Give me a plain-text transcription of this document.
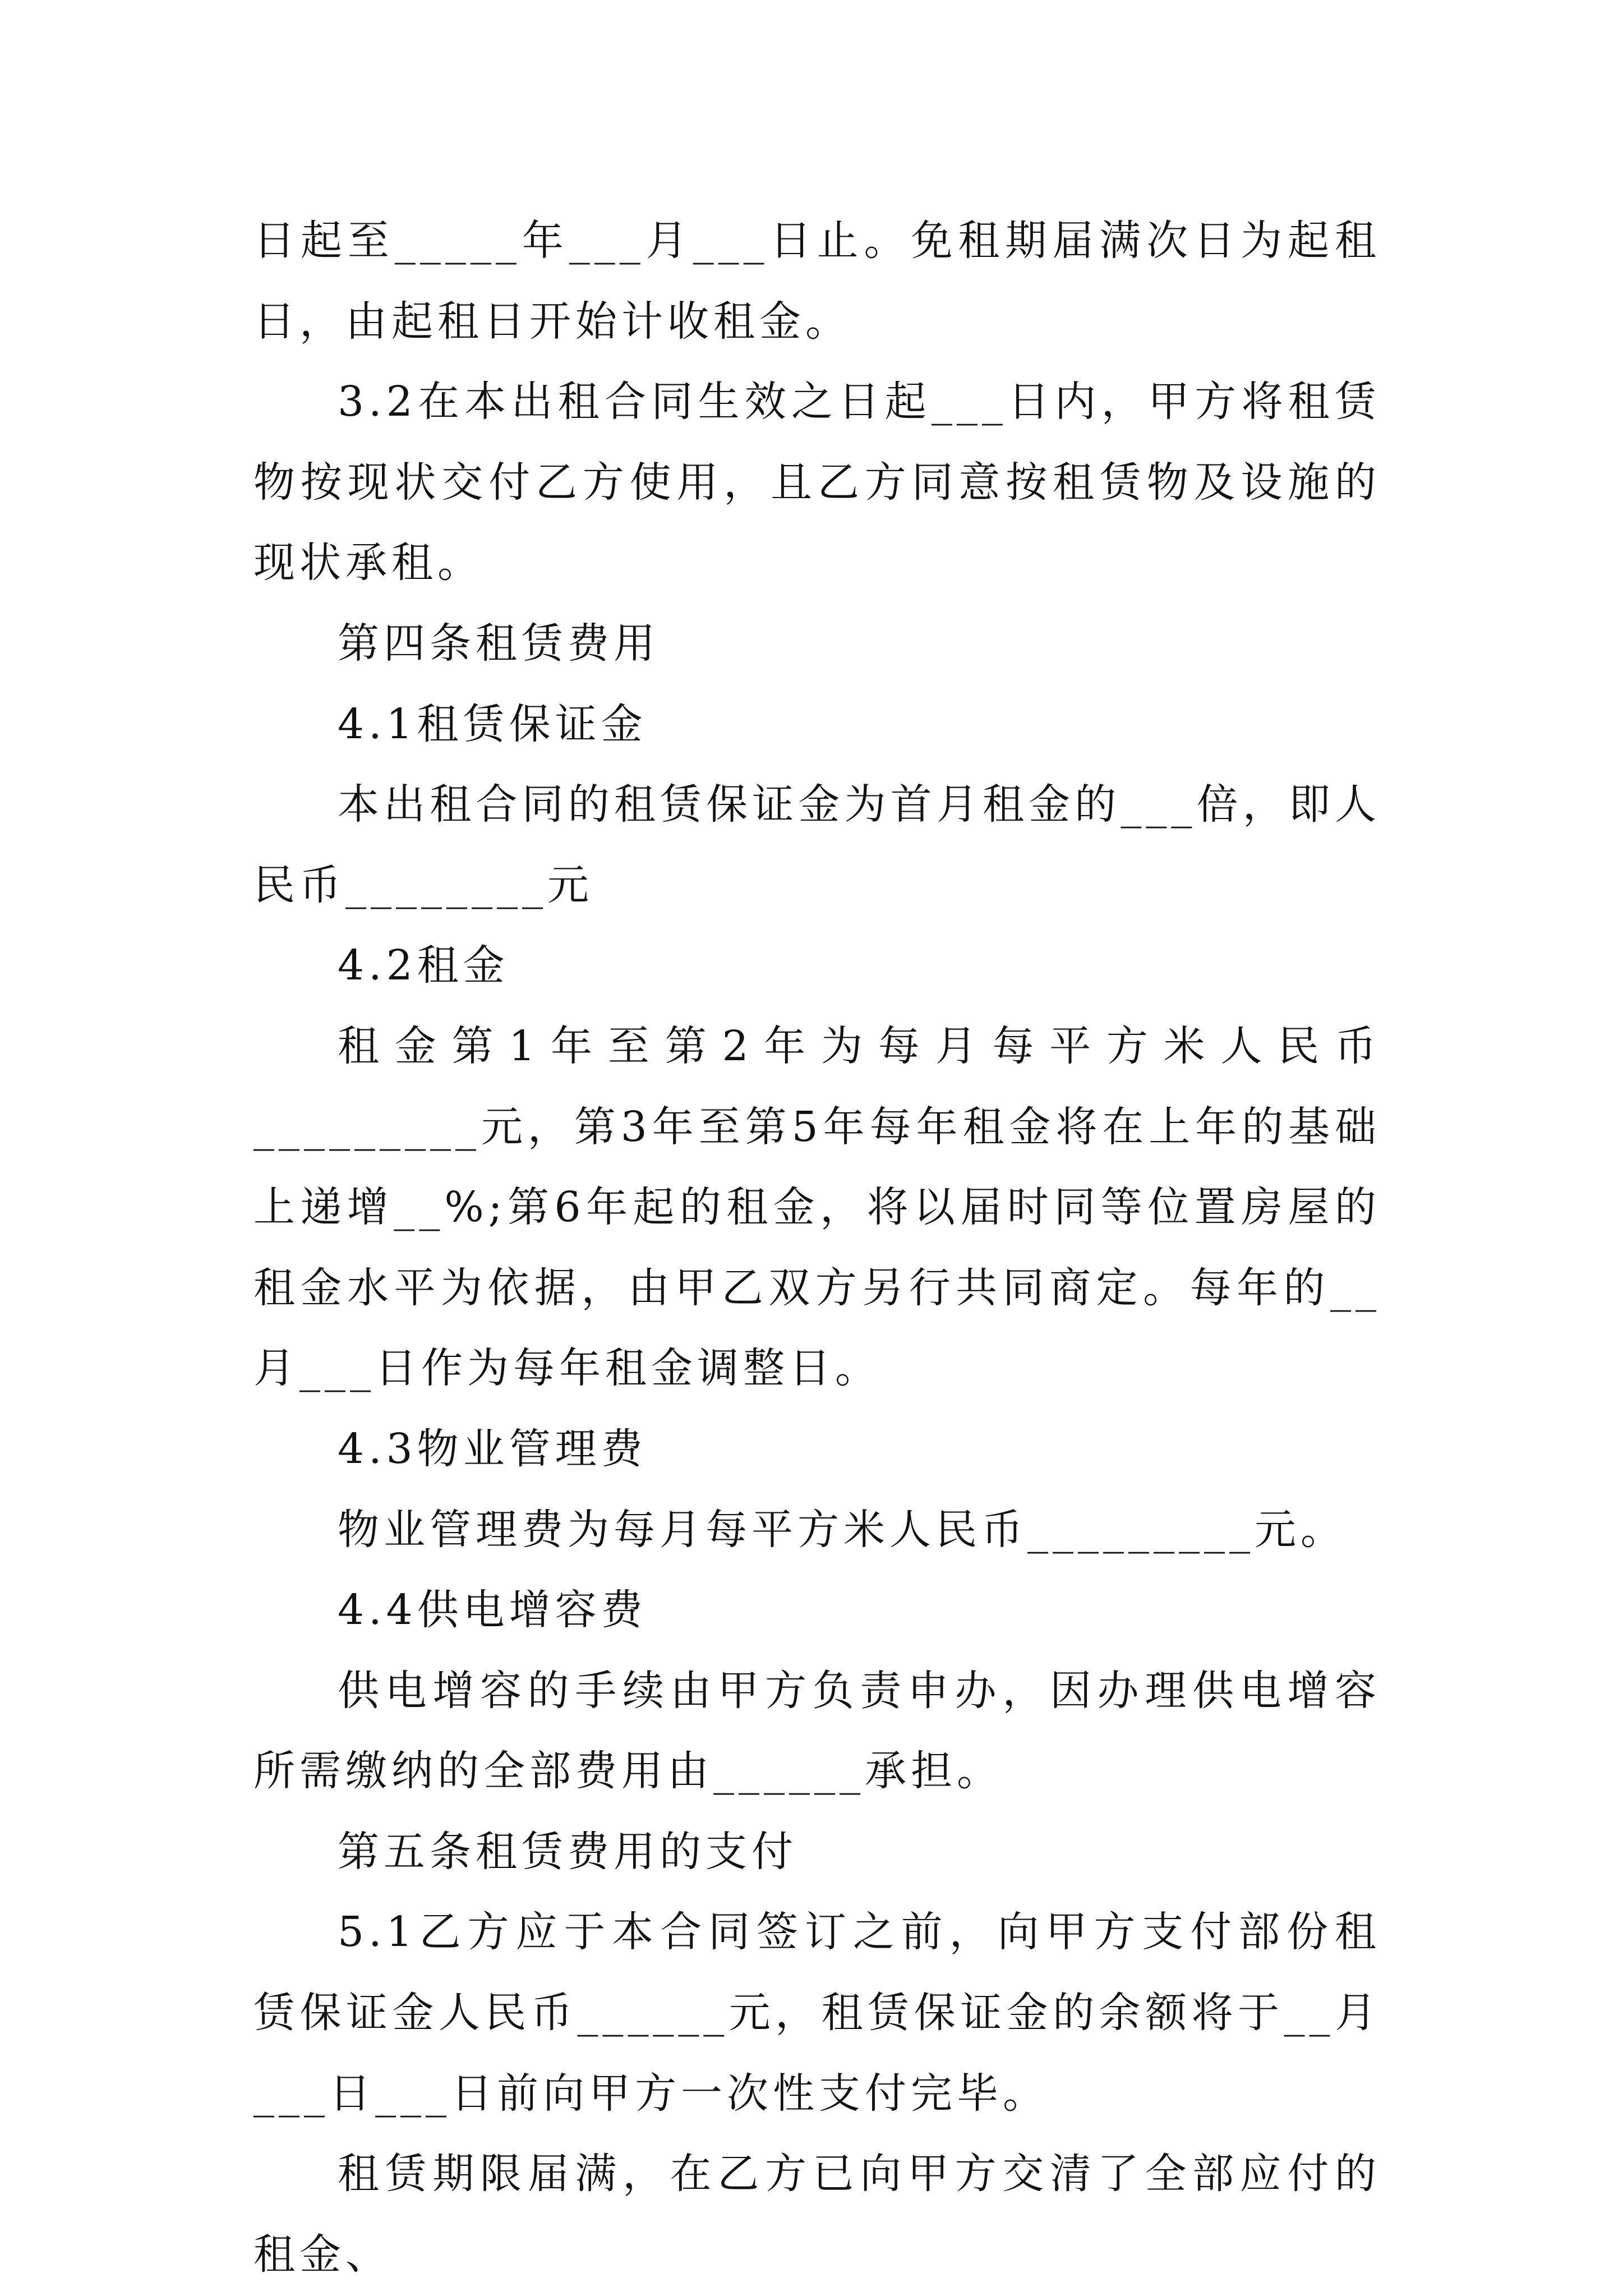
日起至_____年___月___日止。免租期届满次日为起租日，由起租日开始计收租金。

3.2在本出租合同生效之日起___日内，甲方将租赁物按现状交付乙方使用，且乙方同意按租赁物及设施的现状承租。

第四条租赁费用

4.1租赁保证金

本出租合同的租赁保证金为首月租金的___倍，即人民币________元

4.2租金

租金第1年至第2年为每月每平方米人民币_________元，第3年至第5年每年租金将在上年的基础上递增__%;第6年起的租金，将以届时同等位置房屋的租金水平为依据，由甲乙双方另行共同商定。每年的__月___日作为每年租金调整日。

4.3物业管理费

物业管理费为每月每平方米人民币_________元。

4.4供电增容费

供电增容的手续由甲方负责申办，因办理供电增容所需缴纳的全部费用由______承担。

第五条租赁费用的支付

5.1乙方应于本合同签订之前，向甲方支付部份租赁保证金人民币______元，租赁保证金的余额将于__月___日___日前向甲方一次性支付完毕。

租赁期限届满，在乙方已向甲方交清了全部应付的租金、
